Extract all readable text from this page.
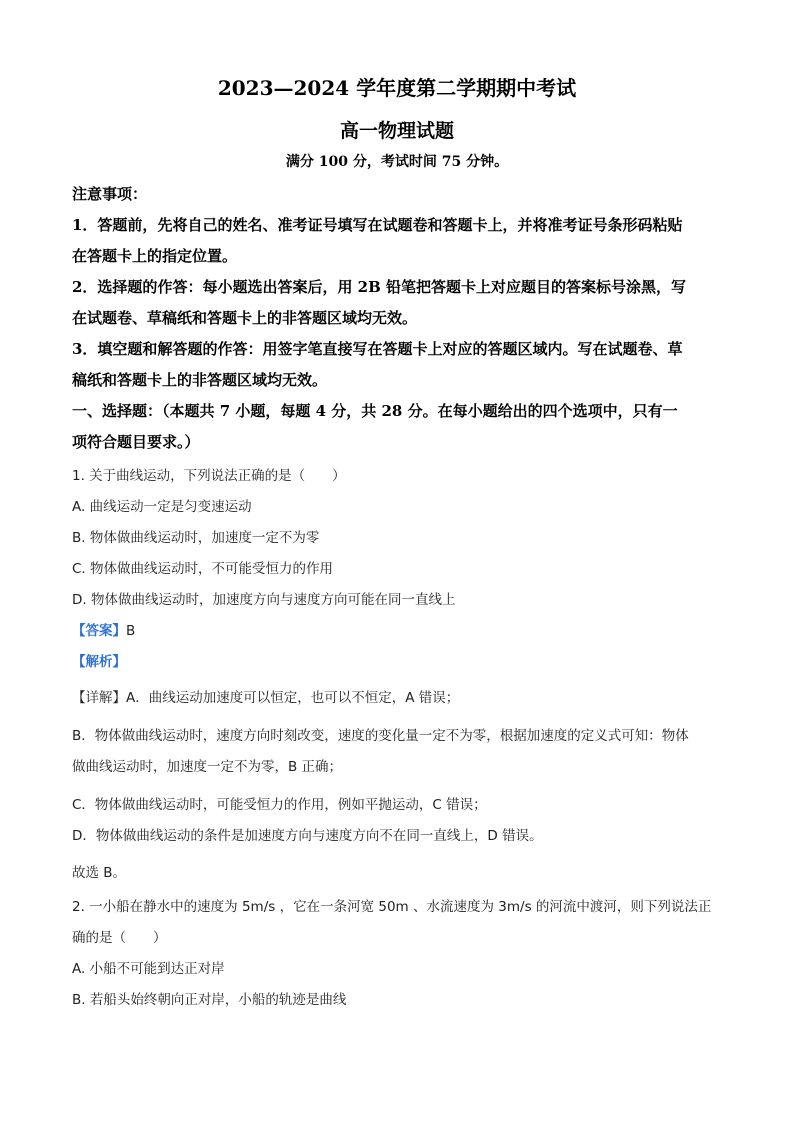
2023—2024 学年度第二学期期中考试
高一物理试题
满分 100 分，考试时间 75 分钟。
注意事项：
1．答题前，先将自己的姓名、准考证号填写在试题卷和答题卡上，并将准考证号条形码粘贴
在答题卡上的指定位置。
2．选择题的作答：每小题选出答案后，用 2B 铅笔把答题卡上对应题目的答案标号涂黑，写
在试题卷、草稿纸和答题卡上的非答题区域均无效。
3．填空题和解答题的作答：用签字笔直接写在答题卡上对应的答题区域内。写在试题卷、草
稿纸和答题卡上的非答题区域均无效。
一、选择题：（本题共 7 小题，每题 4 分，共 28 分。在每小题给出的四个选项中，只有一
项符合题目要求。）
1. 关于曲线运动，下列说法正确的是（　　）
A. 曲线运动一定是匀变速运动
B. 物体做曲线运动时，加速度一定不为零
C. 物体做曲线运动时，不可能受恒力的作用
D. 物体做曲线运动时，加速度方向与速度方向可能在同一直线上
【答案】B
【解析】
【详解】A．曲线运动加速度可以恒定，也可以不恒定，A 错误；
B．物体做曲线运动时，速度方向时刻改变，速度的变化量一定不为零，根据加速度的定义式可知：物体
做曲线运动时，加速度一定不为零，B 正确；
C．物体做曲线运动时，可能受恒力的作用，例如平抛运动，C 错误；
D．物体做曲线运动的条件是加速度方向与速度方向不在同一直线上，D 错误。
故选 B。
2. 一小船在静水中的速度为 5m/s ，它在一条河宽 50m 、水流速度为 3m/s 的河流中渡河，则下列说法正
确的是（　　）
A. 小船不可能到达正对岸
B. 若船头始终朝向正对岸，小船的轨迹是曲线
